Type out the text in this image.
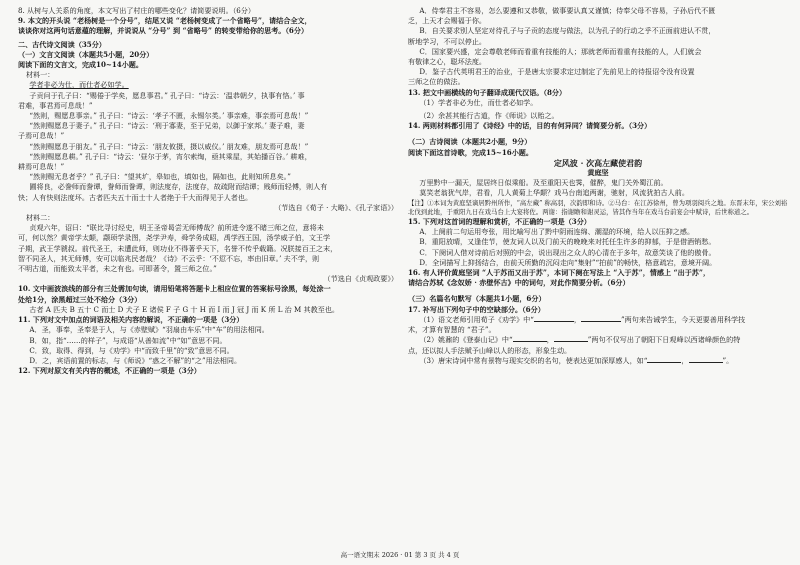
8. 从树与人关系的角度，本文写出了村庄的哪些变化？请简要说明。（6分）

9. 本文的开头说 “老杨树是一个分号”，结尾又说 “老杨树变成了一个省略号”，请结合全文，

谈谈你对这两句话意蕴的理解，并说说从 “分号” 到 “省略号” 的转变带给你的思考。（6分）

二、古代诗文阅读（35分）

（一）文言文阅读（本题共5小题，20分）

阅读下面的文言文，完成10~14小题。

材料一：

学者非必为仕，而仕者必如学。

子贡问于孔子曰：“赐倦于学矣，愿息事君。” 孔子曰：“诗云：‘温恭朝夕，执事有恪。’ 事

君难，事君焉可息哉！”

“然则，赐愿息事亲。” 孔子曰：“诗云：‘孝子不匮，永锡尔类。’ 事亲难，事亲焉可息哉！”

“然则赐愿息于妻子。” 孔子曰：“诗云：‘刑于寡妻，至于兄弟，以御于家邦。’ 妻子难，妻

子焉可息哉！”

“然则赐愿息于朋友。” 孔子曰：“诗云：‘朋友攸摄，摄以威仪。’ 朋友难，朋友焉可息哉！”

“然则赐愿息耕。” 孔子曰：“诗云：‘昼尔于茅，宵尔索绹，亟其乘屋，其始播百谷。’ 耕难，

耕焉可息哉！”

“然则赐无息者乎？” 孔子曰：“望其圹，皋如也，填如也，隔如也，此则知所息矣。”

圃将良，必誊师而誊谭，誊师而誊谭，则法度存，法度存，故疏附而结谭；贱师而轻傅，则人有

快；人有快则法度坏。古者匹夫五十而士十人者绝于千大而得见于人者也。

（节选自《荀子 · 大略》、《孔子家语》）

材料二：

贞观六年，诏曰：“联比寻讨经史，明王圣帝曷尝无师傅哉？前所进令遂不睹三师之位，意将未

可，何以然？黄帝学太颠，颛顼学录图，尧学尹寿，舜学务成昭，禹学西王国，汤学威子伯，文王学

子期，武王学虢叔。前代圣王，未遭此师，则功业不得著乎天下，名誉不传乎载籍。况朕接百王之末，

智不同圣人，其无师傅，安可以临兆民者哉？《诗》不云乎：‘不愆不忘，率由旧章。’ 夫不学，则

不明古道，而能致太平者，未之有也。可即著令，置三师之位。”

（节选自《贞观政要》）

10. 文中画波浪线的部分有三处需加句读，请用铅笔将答题卡上相应位置的答案标号涂黑，每处涂一

处给1分，涂黑超过三处不给分（3分）

古者 A 匹夫 B 五十 C 而士 D 犬子 E 诸侯 F 子 G 十 H 而 I 而 J 冠 J 而 K 所 L 治 M 其教至也。

11. 下列对文中加点的词语及相关内容的解说，不正确的一项是（3分）

A．圣，事奉，圣奉是于人，与《赤壁赋》“羽扇由车乐”中“车”的用法相同。

B．如，指“……的样子”，与成语“从善如流”中“如”意思不同。

C．致，取得、得到，与《劝学》中“而致千里”的“致”意思不同。

D．之，宾语前置的标志，与《师说》“惑之不解”的“之”用法相同。

12. 下列对原文有关内容的概述，不正确的一项是（3分）

A．侍奉君主不容易，怎么要遵和又恭敬，做事要认真又谨慎；侍奉父母不容易，子孙后代不匮

乏，上天才会赐福于你。

B．自关要求别人坚定对待孔子与子贡的态度与做法，以为孔子的行动之乎不正面前进认不贯，

断地学习，不可以停止。

C．国家要兴盛，定会尊敬老师而看重有技能的人；那就老师而看重有技能的人，人们就会

有敬律之心，聪坏法度。

D．鉴子古代英明君王的治业，于是唐太宗要求定过制定了先前见上的待报诏令没有设置

三师之位的做法。

13. 把文中画横线的句子翻译成现代汉语。（8分）

（1）学者非必为仕，而仕者必如学。

（2）余甚其能行古道，作《师说》以贻之。

14. 两则材料都引用了《诗经》中的话，目的有何异同？请简要分析。（3分）

（二）古诗阅读（本题共2小题，9分）

阅读下面这首诗歌，完成15~16小题。

定风波 · 次高左藏使君韵

黄庭坚

万里黔中一漏天，屋居终日似乘船。及至重阳天也霁，催醉，鬼门关外蜀江前。

莫笑老翁犹气岸，君看，几人黄菊上华颠？戏马台南追两谢，驰射，风流犹拍古人前。

【注】①本词为黄庭坚谪居黔州所作，“高左藏” 称高羽，次韵即和诗。②马台：在江苏徐州，曾为项羽阅兵之地。东晋末年，宋公刘裕北伐到此地，于重阳九日在戏马台上大宴将佐。两谢：指谢瞻和谢灵运，皆其作当年在戏马台前宴会中赋诗，后世称道之。

15. 下列对这首词的理解和赏析，不正确的一项是（3分）

A．上阕前二句运用夸张，用比喻写出了黔中阴雨连绵、潮湿的环境，给人以压抑之感。

B．重阳放晴，又逢佳节，使友词人以及门前天的晚晚来对托任生许多的抑郁，于是借酒销愁。

C．下阕词人借对诗前后对照的中会，说出现出之众人的心清在于多年，故意笑谈了他的傲骨。

D．全词描写上抑扬结合，由前天所勤的沉闷走向“集射”“拍前”的畅快，格意疏宕，意境开阔。

16. 有人评价黄庭坚词 “人于苏而又出于苏”，本词下阕在写法上 “入于苏”，情感上 “出于苏”，

请结合苏轼《念奴娇 · 赤壁怀古》中的词句，对此作简要分析。（6分）

（三）名篇名句默写（本题共1小题，6分）

17. 补写出下列句子中的空缺部分。（6分）

（1）语文老师引用荀子《劝学》中“	，	”两句来告诫学生，今天更要善用科学技

术，才算有智慧的 “君子”。

（2）姚鼐的《登泰山记》中“	，	”两句不仅写出了朝阳下日观峰以西诸峰颜色的特

点，还以拟人手法赋予山峰以人的形态，形象生动。

（3）唐宋诗词中常有景物与现实交织的名句，使表达更加深厚感人，如“	，	”。

高一语文期末 2026 · 01 第 3 页 共 4 页
